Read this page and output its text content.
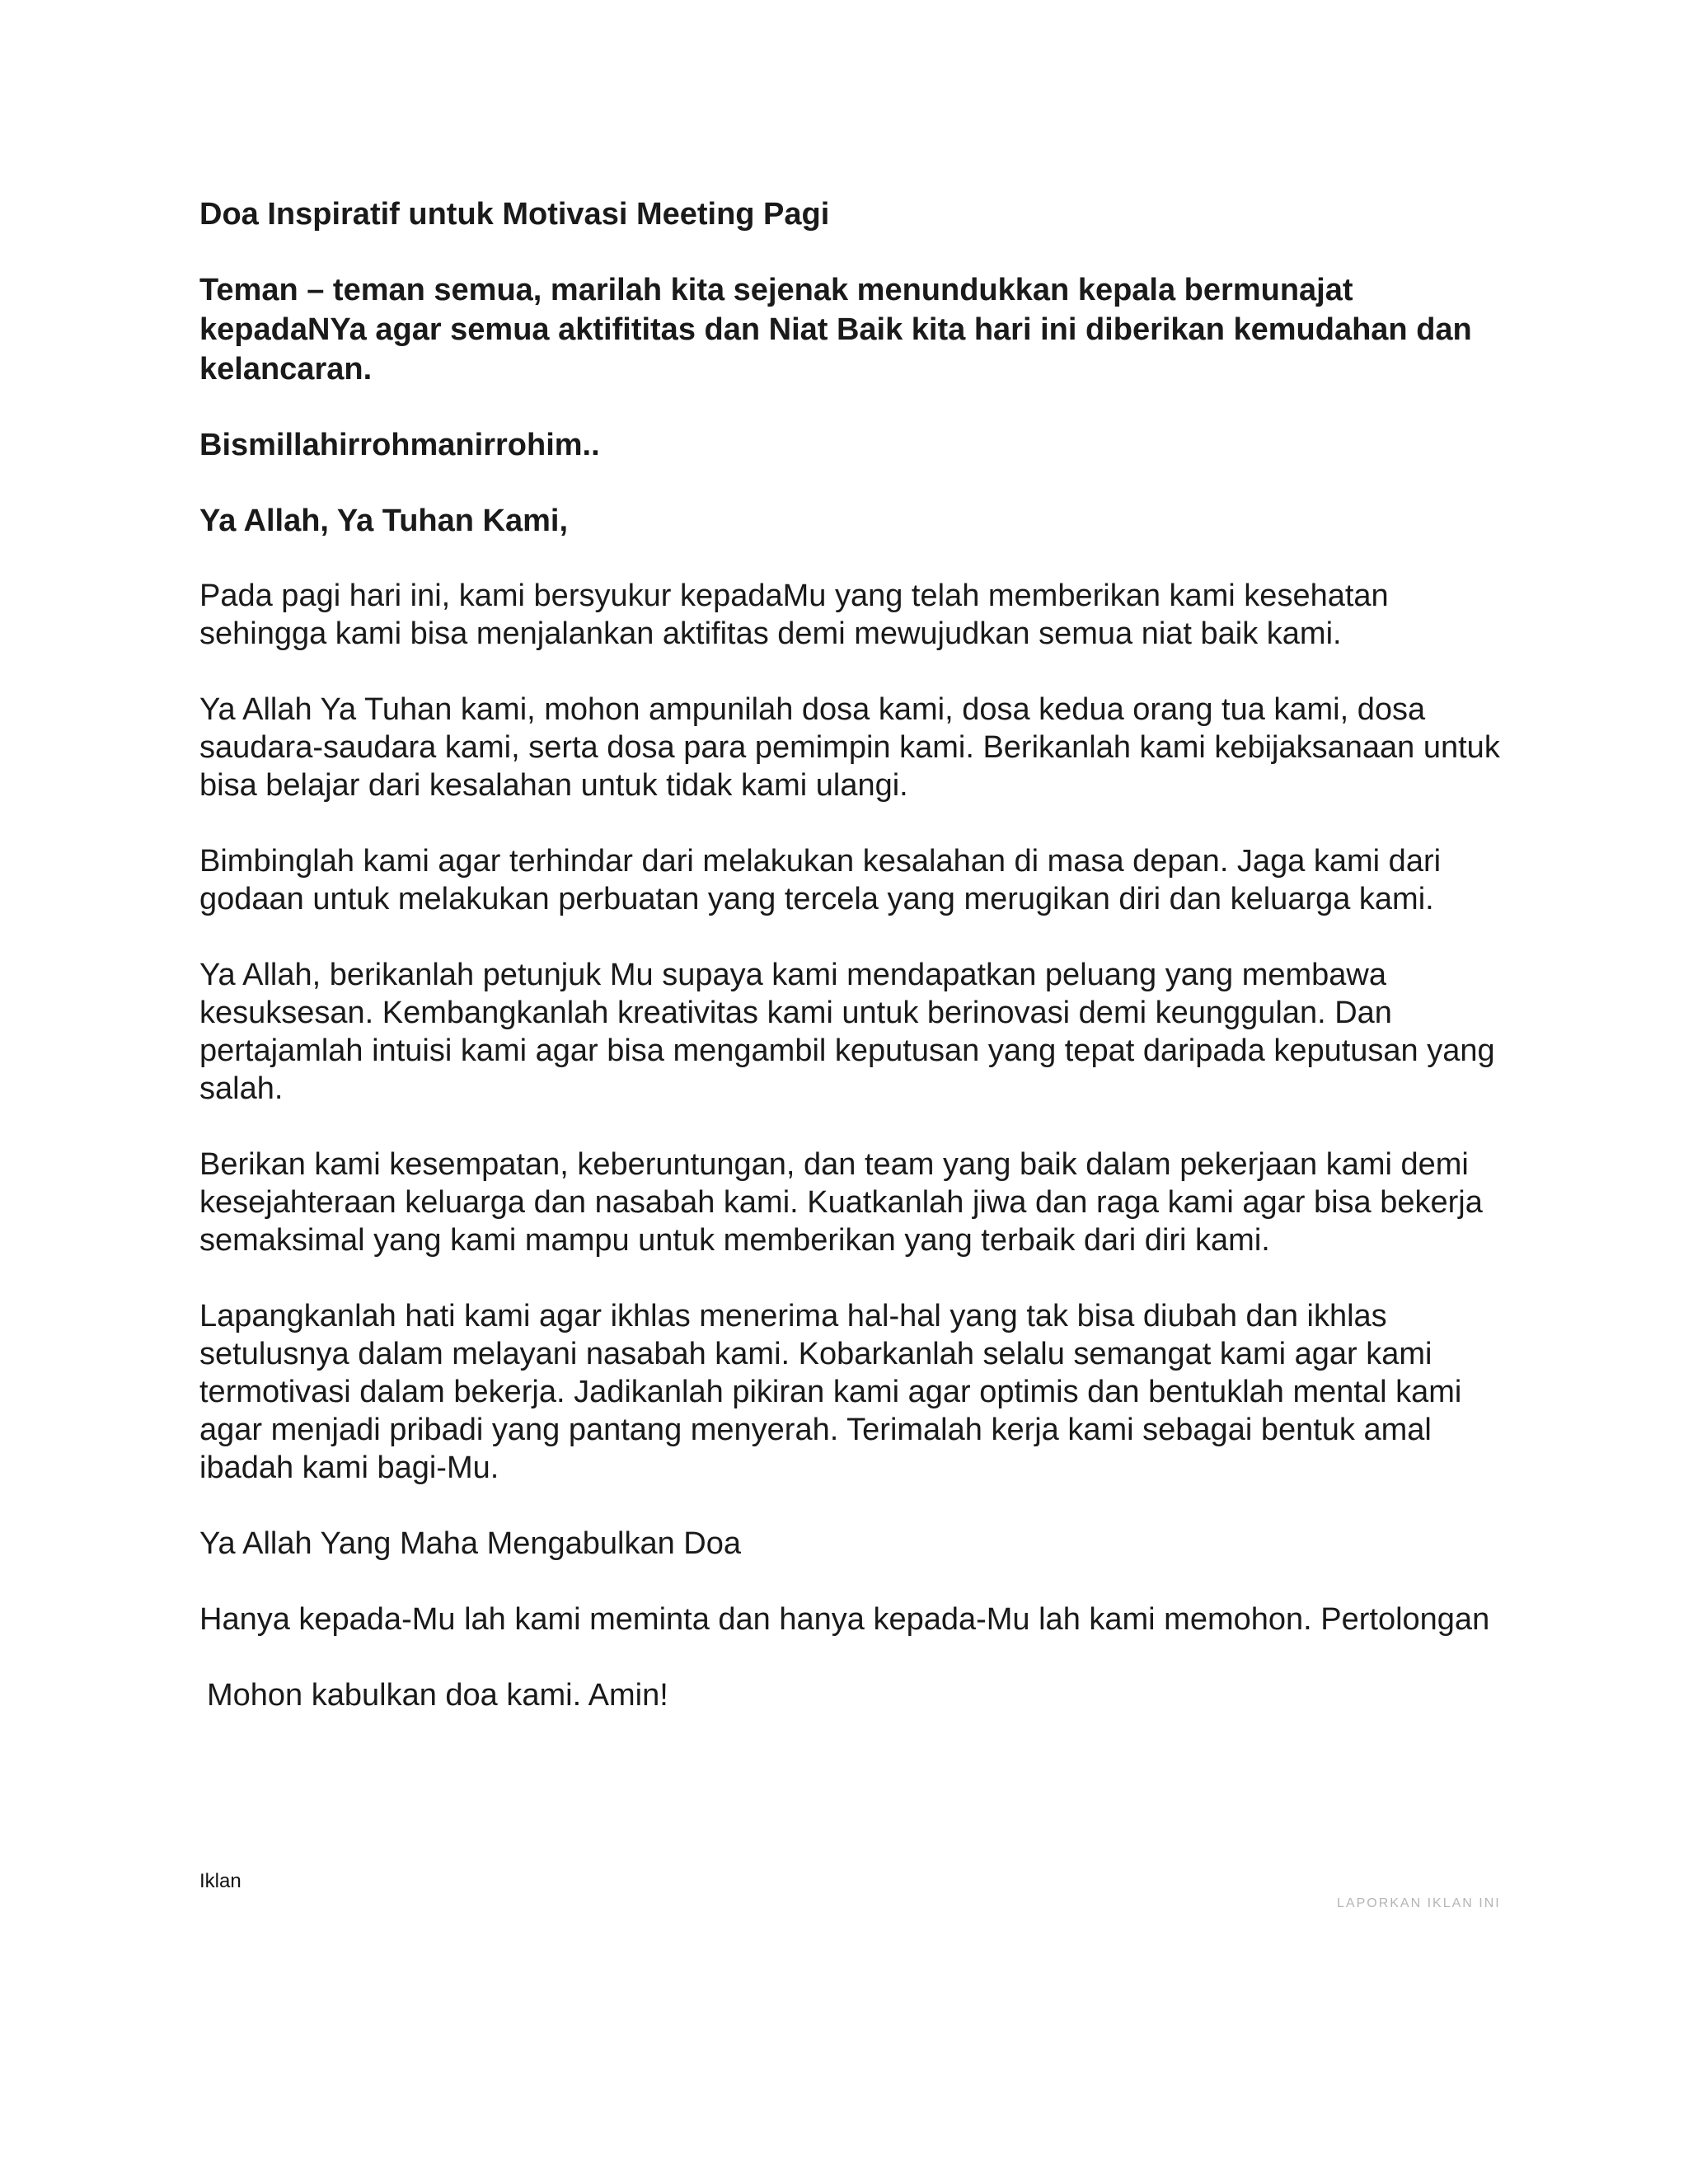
Doa Inspiratif untuk Motivasi Meeting Pagi
Teman – teman semua, marilah kita sejenak menundukkan kepala bermunajat kepadaNYa agar semua aktifititas dan Niat Baik kita hari ini diberikan kemudahan dan kelancaran.
Bismillahirrohmanirrohim..
Ya Allah, Ya Tuhan Kami,
Pada pagi hari ini, kami bersyukur kepadaMu yang telah memberikan kami kesehatan sehingga kami bisa menjalankan aktifitas demi mewujudkan semua niat baik kami.
Ya Allah Ya Tuhan kami, mohon ampunilah dosa kami, dosa kedua orang tua kami, dosa saudara-saudara kami, serta dosa para pemimpin kami. Berikanlah kami kebijaksanaan untuk bisa belajar dari kesalahan untuk tidak kami ulangi.
Bimbinglah kami agar terhindar dari melakukan kesalahan di masa depan. Jaga kami dari godaan untuk melakukan perbuatan yang tercela yang merugikan diri dan keluarga kami.
Ya Allah, berikanlah petunjuk Mu supaya kami mendapatkan peluang yang membawa kesuksesan. Kembangkanlah kreativitas kami untuk berinovasi demi keunggulan. Dan pertajamlah intuisi kami agar bisa mengambil keputusan yang tepat daripada keputusan yang salah.
Berikan kami kesempatan, keberuntungan, dan team yang baik dalam pekerjaan kami demi kesejahteraan keluarga dan nasabah kami. Kuatkanlah jiwa dan raga kami agar bisa bekerja semaksimal yang kami mampu untuk memberikan yang terbaik dari diri kami.
Lapangkanlah hati kami agar ikhlas menerima hal-hal yang tak bisa diubah dan ikhlas setulusnya dalam melayani nasabah kami. Kobarkanlah selalu semangat kami agar kami termotivasi dalam bekerja. Jadikanlah pikiran kami agar optimis dan bentuklah mental kami agar menjadi pribadi yang pantang menyerah. Terimalah kerja kami sebagai bentuk amal ibadah kami bagi-Mu.
Ya Allah Yang Maha Mengabulkan Doa
Hanya kepada-Mu lah kami meminta dan hanya kepada-Mu lah kami memohon. Pertolongan
Mohon kabulkan doa kami. Amin!
Iklan
LAPORKAN IKLAN INI
